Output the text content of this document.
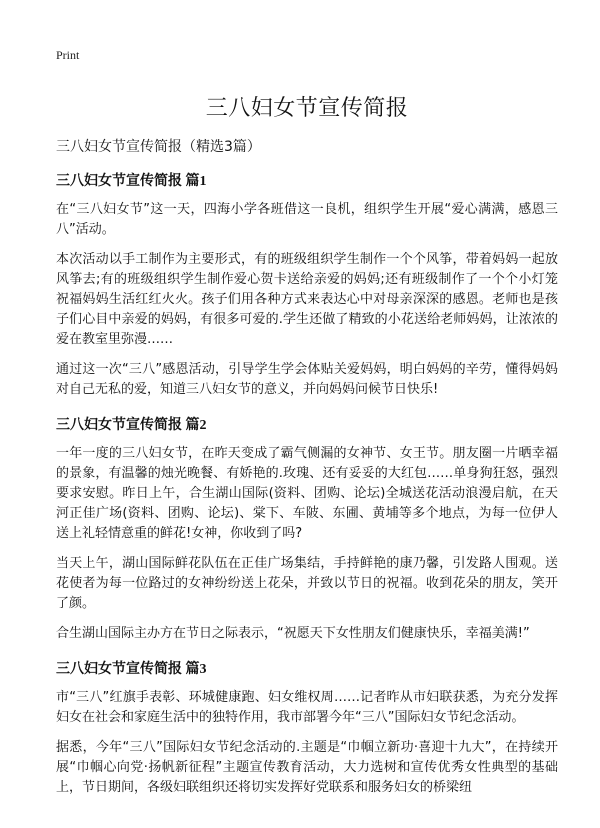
Print
三八妇女节宣传简报
三八妇女节宣传简报（精选3篇）
三八妇女节宣传简报 篇1

在“三八妇女节”这一天，四海小学各班借这一良机，组织学生开展“爱心满满，感恩三八”活动。

本次活动以手工制作为主要形式，有的班级组织学生制作一个个风筝，带着妈妈一起放风筝去;有的班级组织学生制作爱心贺卡送给亲爱的妈妈;还有班级制作了一个个小灯笼祝福妈妈生活红红火火。孩子们用各种方式来表达心中对母亲深深的感恩。老师也是孩子们心目中亲爱的妈妈，有很多可爱的.学生还做了精致的小花送给老师妈妈，让浓浓的爱在教室里弥漫……

通过这一次“三八”感恩活动，引导学生学会体贴关爱妈妈，明白妈妈的辛劳，懂得妈妈对自己无私的爱，知道三八妇女节的意义，并向妈妈问候节日快乐!

三八妇女节宣传简报 篇2

一年一度的三八妇女节，在昨天变成了霸气侧漏的女神节、女王节。朋友圈一片晒幸福的景象，有温馨的烛光晚餐、有娇艳的.玫瑰、还有妥妥的大红包……单身狗狂怒，强烈要求安慰。昨日上午，合生湖山国际(资料、团购、论坛)全城送花活动浪漫启航，在天河正佳广场(资料、团购、论坛)、棠下、车陂、东圃、黄埔等多个地点，为每一位伊人送上礼轻情意重的鲜花!女神，你收到了吗?

当天上午，湖山国际鲜花队伍在正佳广场集结，手持鲜艳的康乃馨，引发路人围观。送花使者为每一位路过的女神纷纷送上花朵，并致以节日的祝福。收到花朵的朋友，笑开了颜。

合生湖山国际主办方在节日之际表示，“祝愿天下女性朋友们健康快乐，幸福美满!”

三八妇女节宣传简报 篇3

市“三八”红旗手表彰、环城健康跑、妇女维权周……记者昨从市妇联获悉，为充分发挥妇女在社会和家庭生活中的独特作用，我市部署今年“三八”国际妇女节纪念活动。

据悉，今年“三八”国际妇女节纪念活动的.主题是“巾帼立新功·喜迎十九大”，在持续开展“巾帼心向党·扬帆新征程”主题宣传教育活动，大力选树和宣传优秀女性典型的基础上，节日期间，各级妇联组织还将切实发挥好党联系和服务妇女的桥梁纽
